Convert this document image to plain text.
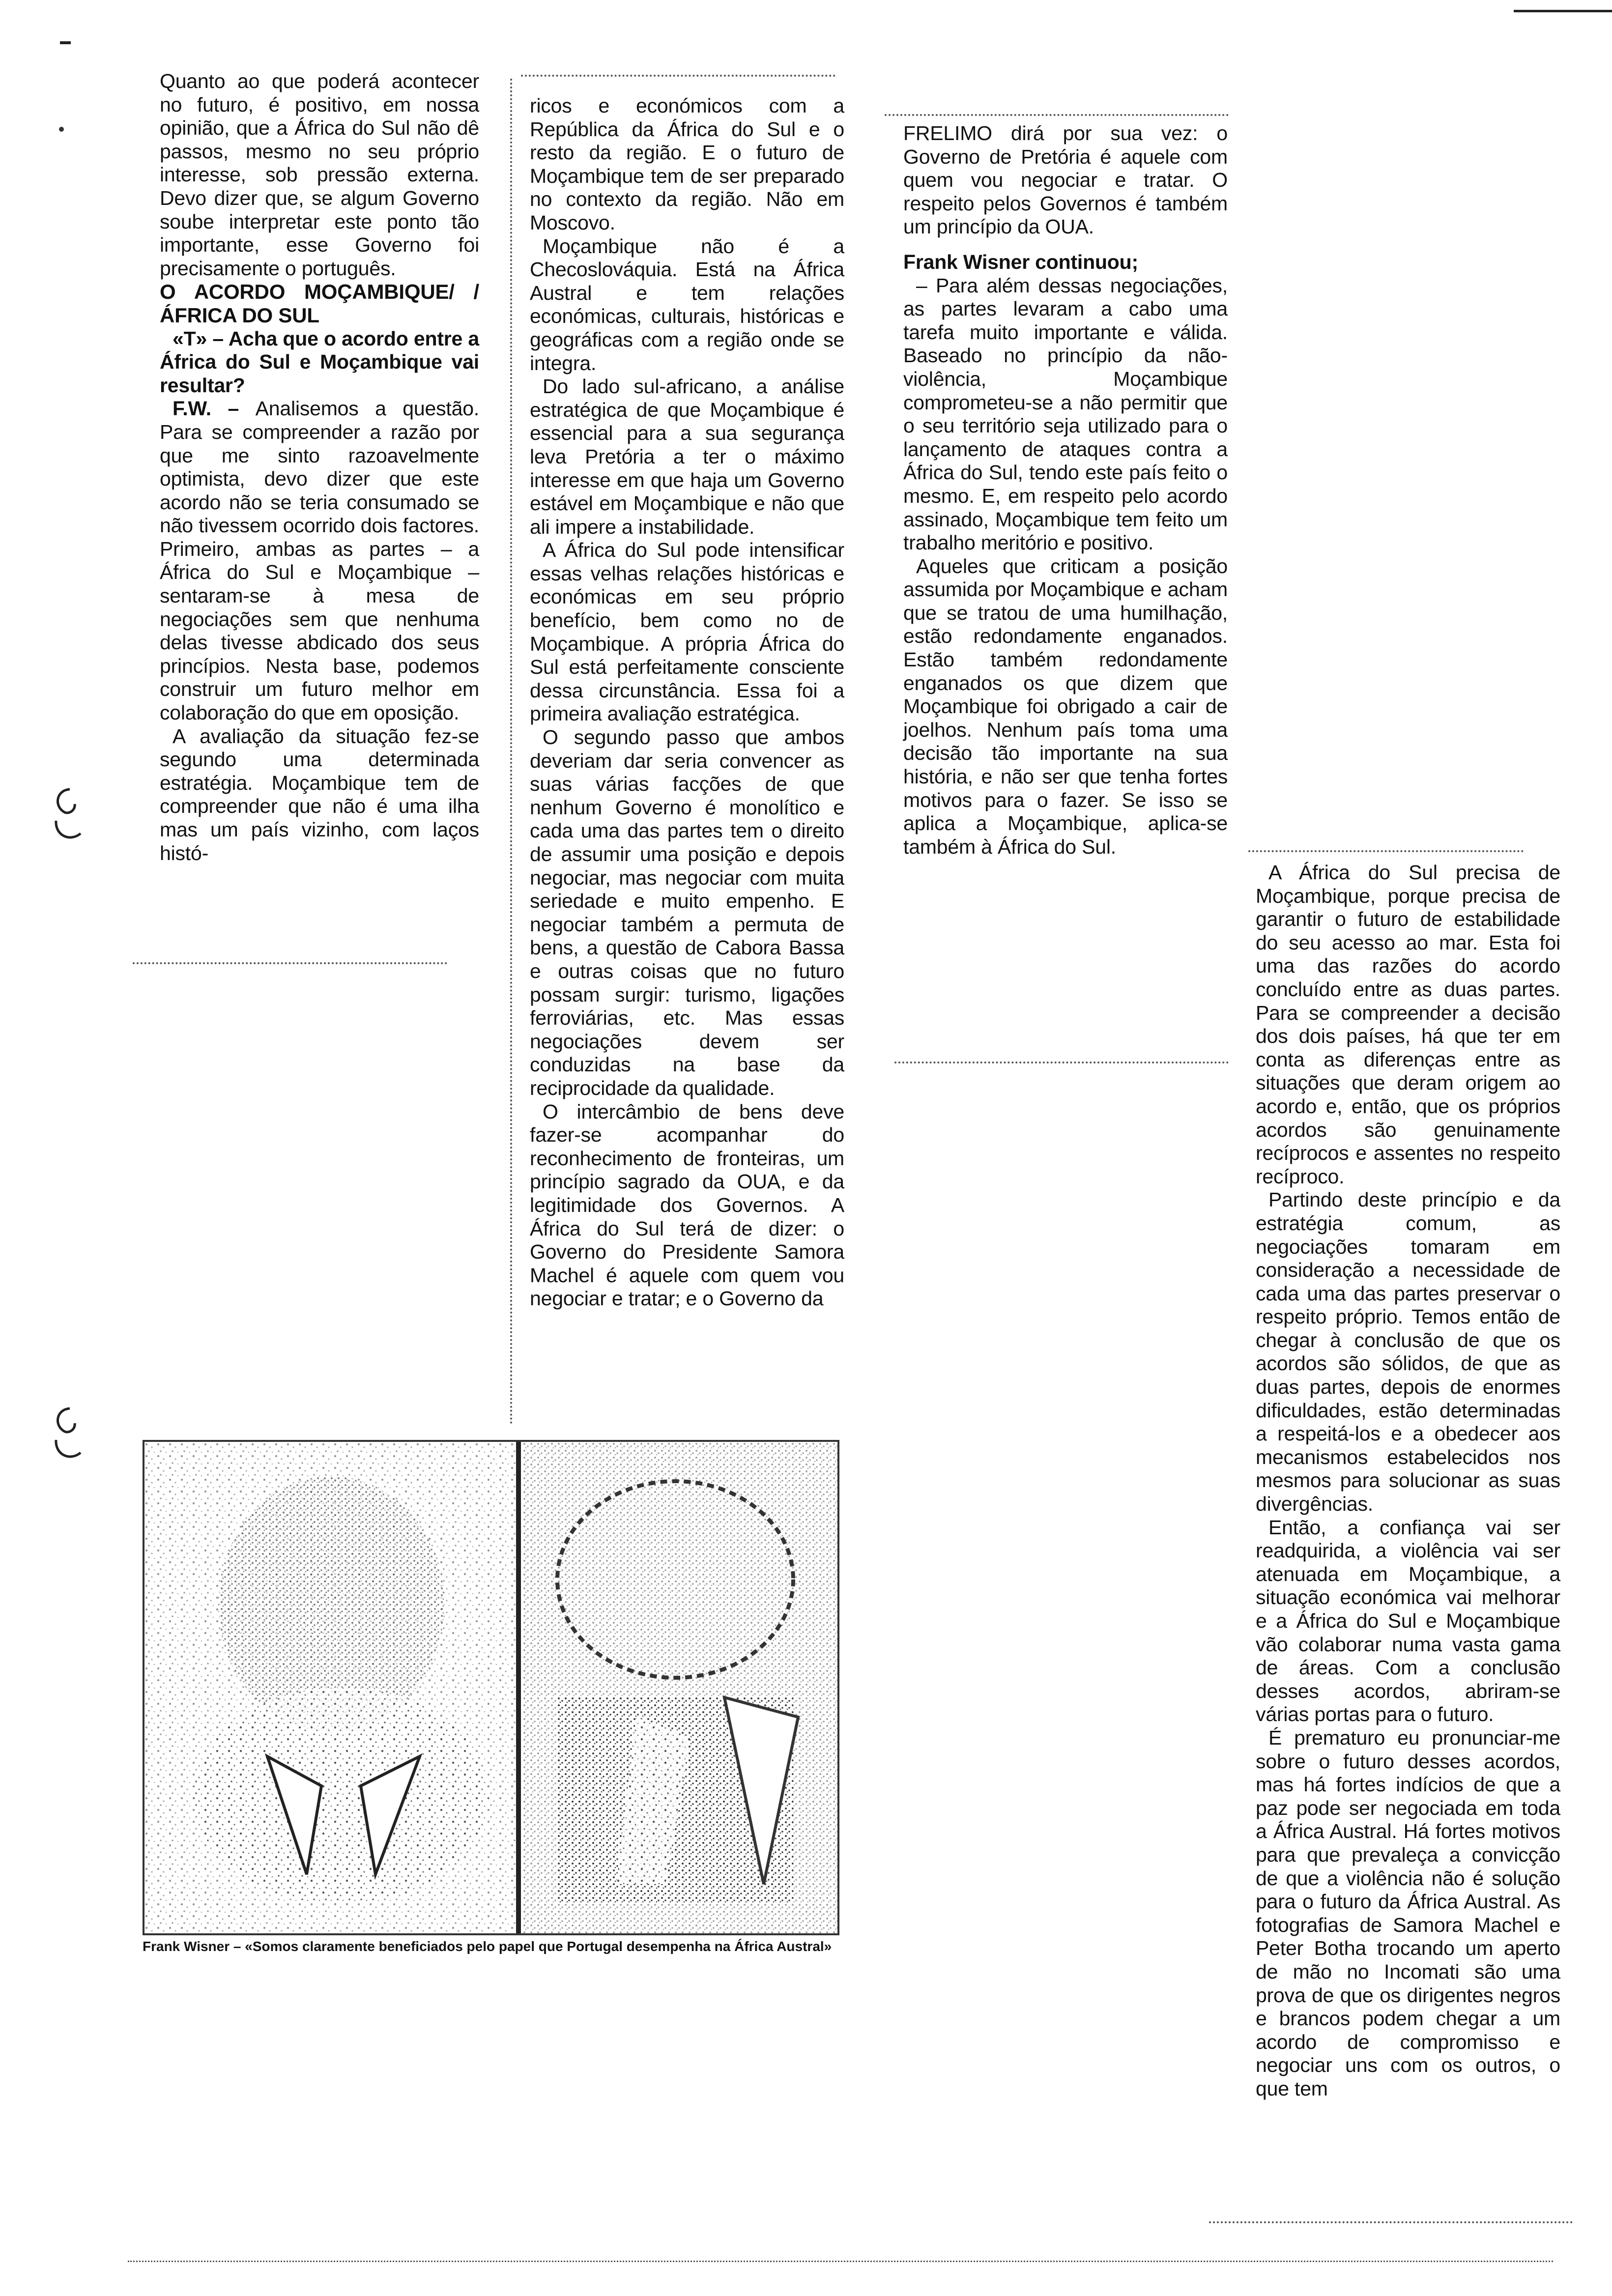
Quanto ao que poderá acontecer no futuro, é positivo, em nossa opinião, que a África do Sul não dê passos, mesmo no seu próprio interesse, sob pressão externa. Devo dizer que, se algum Governo soube interpretar este ponto tão importante, esse Governo foi precisamente o português.

O ACORDO MOÇAMBIQUE/ /ÁFRICA DO SUL

«T» – Acha que o acordo entre a África do Sul e Moçambique vai resultar?

F.W. – Analisemos a questão. Para se compreender a razão por que me sinto razoavelmente optimista, devo dizer que este acordo não se teria consumado se não tivessem ocorrido dois factores. Primeiro, ambas as partes – a África do Sul e Moçambique – sentaram-se à mesa de negociações sem que nenhuma delas tivesse abdicado dos seus princípios. Nesta base, podemos construir um futuro melhor em colaboração do que em oposição.

A avaliação da situação fez-se segundo uma determinada estratégia. Moçambique tem de compreender que não é uma ilha mas um país vizinho, com laços histó-

ricos e económicos com a República da África do Sul e o resto da região. E o futuro de Moçambique tem de ser preparado no contexto da região. Não em Moscovo.

Moçambique não é a Checoslováquia. Está na África Austral e tem relações económicas, culturais, históricas e geográficas com a região onde se integra.

Do lado sul-africano, a análise estratégica de que Moçambique é essencial para a sua segurança leva Pretória a ter o máximo interesse em que haja um Governo estável em Moçambique e não que ali impere a instabilidade.

A África do Sul pode intensificar essas velhas relações históricas e económicas em seu próprio benefício, bem como no de Moçambique. A própria África do Sul está perfeitamente consciente dessa circunstância. Essa foi a primeira avaliação estratégica.

O segundo passo que ambos deveriam dar seria convencer as suas várias facções de que nenhum Governo é monolítico e cada uma das partes tem o direito de assumir uma posição e depois negociar, mas negociar com muita seriedade e muito empenho. E negociar também a permuta de bens, a questão de Cabora Bassa e outras coisas que no futuro possam surgir: turismo, ligações ferroviárias, etc. Mas essas negociações devem ser conduzidas na base da reciprocidade da qualidade.

O intercâmbio de bens deve fazer-se acompanhar do reconhecimento de fronteiras, um princípio sagrado da OUA, e da legitimidade dos Governos. A África do Sul terá de dizer: o Governo do Presidente Samora Machel é aquele com quem vou negociar e tratar; e o Governo da

FRELIMO dirá por sua vez: o Governo de Pretória é aquele com quem vou negociar e tratar. O respeito pelos Governos é também um princípio da OUA.

Frank Wisner continuou;

– Para além dessas negociações, as partes levaram a cabo uma tarefa muito importante e válida. Baseado no princípio da não-violência, Moçambique comprometeu-se a não permitir que o seu território seja utilizado para o lançamento de ataques contra a África do Sul, tendo este país feito o mesmo. E, em respeito pelo acordo assinado, Moçambique tem feito um trabalho meritório e positivo.

Aqueles que criticam a posição assumida por Moçambique e acham que se tratou de uma humilhação, estão redondamente enganados. Estão também redondamente enganados os que dizem que Moçambique foi obrigado a cair de joelhos. Nenhum país toma uma decisão tão importante na sua história, e não ser que tenha fortes motivos para o fazer. Se isso se aplica a Moçambique, aplica-se também à África do Sul.

A África do Sul precisa de Moçambique, porque precisa de garantir o futuro de estabilidade do seu acesso ao mar. Esta foi uma das razões do acordo concluído entre as duas partes. Para se compreender a decisão dos dois países, há que ter em conta as diferenças entre as situações que deram origem ao acordo e, então, que os próprios acordos são genuinamente recíprocos e assentes no respeito recíproco.

Partindo deste princípio e da estratégia comum, as negociações tomaram em consideração a necessidade de cada uma das partes preservar o respeito próprio. Temos então de chegar à conclusão de que os acordos são sólidos, de que as duas partes, depois de enormes dificuldades, estão determinadas a respeitá-los e a obedecer aos mecanismos estabelecidos nos mesmos para solucionar as suas divergências.

Então, a confiança vai ser readquirida, a violência vai ser atenuada em Moçambique, a situação económica vai melhorar e a África do Sul e Moçambique vão colaborar numa vasta gama de áreas. Com a conclusão desses acordos, abriram-se várias portas para o futuro.

É prematuro eu pronunciar-me sobre o futuro desses acordos, mas há fortes indícios de que a paz pode ser negociada em toda a África Austral. Há fortes motivos para que prevaleça a convicção de que a violência não é solução para o futuro da África Austral. As fotografias de Samora Machel e Peter Botha trocando um aperto de mão no Incomati são uma prova de que os dirigentes negros e brancos podem chegar a um acordo de compromisso e negociar uns com os outros, o que tem

Frank Wisner – «Somos claramente beneficiados pelo papel que Portugal desempenha na África Austral»
